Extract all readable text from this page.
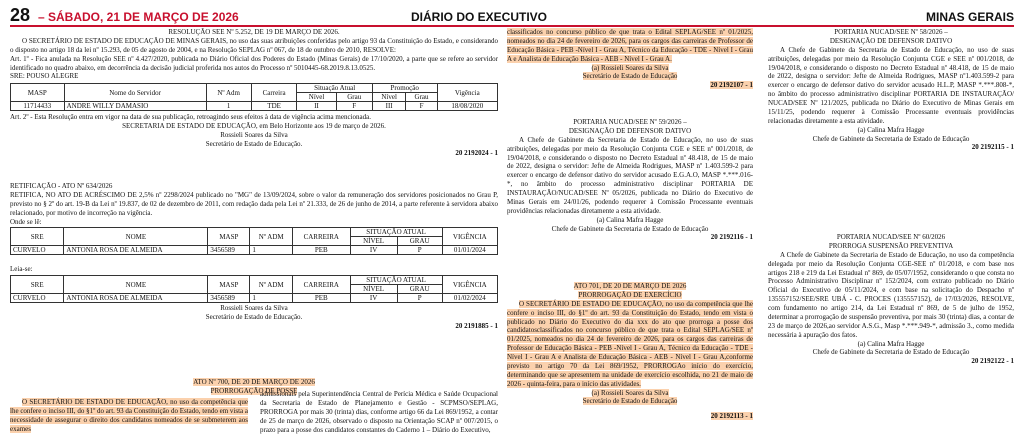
28 – SÁBADO, 21 DE MARÇO DE 2026	DIÁRIO DO EXECUTIVO	MINAS GERAIS

RESOLUÇÃO SEE Nº 5.252, DE 19 DE MARÇO DE 2026.

O SECRETÁRIO DE ESTADO DE EDUCAÇÃO DE MINAS GERAIS, no uso das suas atribuições conferidas pelo artigo 93 da Constituição do Estado, e considerando o disposto no artigo 18 da lei nº 15.293, de 05 de agosto de 2004, e na Resolução SEPLAG nº 067, de 18 de outubro de 2010, RESOLVE:

Art. 1º - Fica anulada na Resolução SEE nº 4.427/2020, publicada no Diário Oficial dos Poderes do Estado (Minas Gerais) de 17/10/2020, a parte que se refere ao servidor identificado no quadro abaixo, em decorrência da decisão judicial proferida nos autos do Processo nº 5010445-68.2019.8.13.0525.

SRE: POUSO ALEGRE

MASP	Nome do Servidor	Nº Adm	Carreira	Situação Atual		Promoção		Vigência
				Nível	Grau	Nível	Grau	
11714433	ANDRE WILLY DAMASIO	1	TDE	II	F	III	F	18/08/2020

Art. 2º - Esta Resolução entra em vigor na data de sua publicação, retroagindo seus efeitos à data de vigência acima mencionada.

SECRETARIA DE ESTADO DE EDUCAÇÃO, em Belo Horizonte aos 19 de março de 2026.

Rossieli Soares da Silva

Secretário de Estado de Educação.

20 2192024 - 1

RETIFICAÇÃO - ATO Nº 634/2026

RETIFICA, NO ATO DE ACRÉSCIMO DE 2,5% nº 2298/2024 publicado no "MG" de 13/09/2024, sobre o valor da remuneração dos servidores posicionados no Grau P, previsto no § 2º do art. 19-B da Lei nº 19.837, de 02 de dezembro de 2011, com redação dada pela Lei nº 21.333, de 26 de junho de 2014, a parte referente à servidora abaixo relacionado, por motivo de incorreção na vigência.

Onde se lê:

SRE	NOME	MASP	Nº ADM	CARREIRA	SITUAÇÃO ATUAL		VIGÊNCIA
					NÍVEL	GRAU	
CURVELO	ANTONIA ROSA DE ALMEIDA	3456589	1	PEB	IV	P	01/01/2024

Leia-se:

SRE	NOME	MASP	Nº ADM	CARREIRA	SITUAÇÃO ATUAL		VIGÊNCIA
					NÍVEL	GRAU	
CURVELO	ANTONIA ROSA DE ALMEIDA	3456589	1	PEB	IV	P	01/02/2024

Rossieli Soares da Silva

Secretário de Estado de Educação.

20 2191885 - 1

ATO Nº 700, DE 20 DE MARÇO DE 2026

PRORROGAÇÃO DE POSSE

O SECRETÁRIO DE ESTADO DE EDUCAÇÃO, no uso da competência que lhe confere o inciso III, do §1º do art. 93 da Constituição do Estado, tendo em vista a necessidade de assegurar o direito dos candidatos nomeados de se submeterem aos exames

admissionais pela Superintendência Central de Perícia Médica e Saúde Ocupacional da Secretaria de Estado de Planejamento e Gestão - SCPMSO/SEPLAG, PRORROGA por mais 30 (trinta) dias, conforme artigo 66 da Lei 869/1952, a contar de 25 de março de 2026, observado o disposto na Orientação SCAP nº 007/2015, o prazo para a posse dos candidatos constantes do Caderno 1 – Diário do Executivo,

classificados no concurso público de que trata o Edital SEPLAG/SEE nº 01/2025, nomeados no dia 24 de fevereiro de 2026, para os cargos das carreiras de Professor de Educação Básica - PEB -Nível I - Grau A, Técnico da Educação - TDE - Nível I - Grau A e Analista de Educação Básica - AEB - Nível I - Grau A.

(a) Rossieli Soares da Silva

Secretário de Estado de Educação

20 2192107 - 1

PORTARIA NUCAD/SEE Nº 59/2026 –

DESIGNAÇÃO DE DEFENSOR DATIVO

A Chefe de Gabinete da Secretaria de Estado de Educação, no uso de suas atribuições, delegadas por meio da Resolução Conjunta CGE e SEE nº 001/2018, de 19/04/2018, e considerando o disposto no Decreto Estadual nº 48.418, de 15 de maio de 2022, designa o servidor: Jefte de Almeida Rodrigues, MASP nº 1.403.599-2 para exercer o encargo de defensor dativo do servidor acusado E.G.A.O, MASP *.***.016-*, no âmbito do processo administrativo disciplinar PORTARIA DE INSTAURAÇÃO/NUCAD/SEE Nº 05/2026, publicada no Diário do Executivo de Minas Gerais em 24/01/26, podendo requerer à Comissão Processante eventuais providências relacionadas diretamente a esta atividade.

(a) Calina Mafra Hagge

Chefe de Gabinete da Secretaria de Estado de Educação

20 2192116 - 1

ATO 701, DE 20 DE MARÇO DE 2026

PRORROGAÇÃO DE EXERCÍCIO

O SECRETÁRIO DE ESTADO DE EDUCAÇÃO, no uso da competência que lhe confere o inciso III, do §1º do art. 93 da Constituição do Estado, tendo em vista o publicado no Diário do Executivo do dia xxx do ato que prorroga a posse dos candidatosclassificados no concurso público de que trata o Edital SEPLAG/SEE nº 01/2025, nomeados no dia 24 de fevereiro de 2026, para os cargos das carreiras de Professor de Educação Básica - PEB -Nível I - Grau A, Técnico da Educação - TDE - Nível I - Grau A e Analista de Educação Básica - AEB - Nível I - Grau A,conforme previsto no artigo 70 da Lei 869/1952, PRORROGAo início do exercício, determinando que se apresentem na unidade de exercício escolhida, no 21 de maio de 2026 - quinta-feira, para o início das atividades.

(a) Rossieli Soares da Silva

Secretário de Estado de Educação

20 2192113 - 1

PORTARIA NUCAD/SEE Nº 58/2026 –

DESIGNAÇÃO DE DEFENSOR DATIVO

A Chefe de Gabinete da Secretaria de Estado de Educação, no uso de suas atribuições, delegadas por meio da Resolução Conjunta CGE e SEE nº 001/2018, de 19/04/2018, e considerando o disposto no Decreto Estadual nº 48.418, de 15 de maio de 2022, designa o servidor: Jefte de Almeida Rodrigues, MASP nº1.403.599-2 para exercer o encargo de defensor dativo do servidor acusado H.L.P, MASP *.***.808-*, no âmbito do processo administrativo disciplinar PORTARIA DE INSTAURAÇÃO/ NUCAD/SEE Nº 121/2025, publicada no Diário do Executivo de Minas Gerais em 15/11/25, podendo requerer à Comissão Processante eventuais providências relacionadas diretamente a esta atividade.

(a) Calina Mafra Hagge

Chefe de Gabinete da Secretaria de Estado de Educação

20 2192115 - 1

PORTARIA NUCAD/SEE Nº 60/2026

PRORROGA SUSPENSÃO PREVENTIVA

A Chefe de Gabinete da Secretaria de Estado de Educação, no uso da competência delegada por meio da Resolução Conjunta CGE-SEE nº 01/2018, e com base nos artigos 218 e 219 da Lei Estadual nº 869, de 05/07/1952, considerando o que consta no Processo Administrativo Disciplinar nº 152/2024, com extrato publicado no Diário Oficial do Executivo de 05/11/2024, e com base na solicitação do Despacho nº 135557152/SEE/SRE UBÁ - C. PROCES (135557152), de 17/03/2026, RESOLVE, com fundamento no artigo 214, da Lei Estadual nº 869, de 5 de julho de 1952, determinar a prorrogação de suspensão preventiva, por mais 30 (trinta) dias, a contar de 23 de março de 2026,ao servidor A.S.G., Masp *.***.949-*, admissão 3., como medida necessária à apuração dos fatos.

(a) Calina Mafra Hagge

Chefe de Gabinete da Secretaria de Estado de Educação

20 2192122 - 1
